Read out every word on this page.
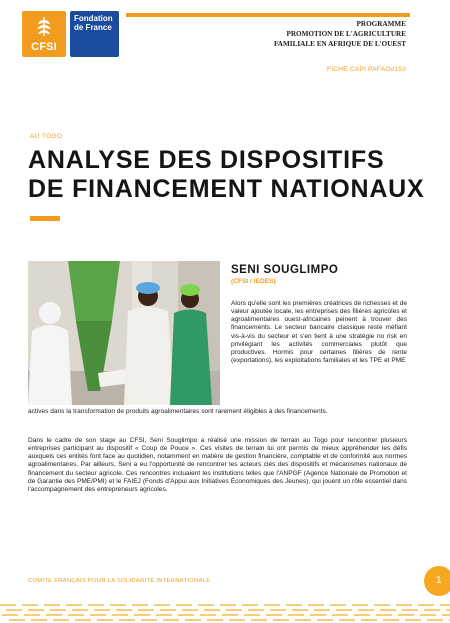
CFSI
Fondation
de France	PROGRAMME
PROMOTION DE L'AGRICULTURE
FAMILIALE EN AFRIQUE DE L'OUEST
FICHE CAPI PAFAO#153
AU TOGO
ANALYSE DES DISPOSITIFS DE FINANCEMENT NATIONAUX
SENI SOUGLIMPO
(CFSI / IEDES)

Alors qu'elle sont les premières créatrices de richesses et de valeur ajoutée locale, les entreprises des filières agricoles et agroalimentaires ouest-africaines peinent à trouver des financements. Le secteur bancaire classique reste méfiant vis-à-vis du secteur et s'en tient à une stratégie no risk en privilégiant les activités commerciales plutôt que productives. Hormis pour certaines filières de rente (exportations), les exploitations familiales et les TPE et PME

actives dans la transformation de produits agroalimentaires sont rarement éligibles à des financements.

Dans le cadre de son stage au CFSI, Seni Souglimpo a réalisé une mission de terrain au Togo pour rencontrer plusieurs entreprises participant au dispositif « Coup de Pouce ». Ces visites de terrain lui ont permis de mieux appréhender les défis auxquels ces entités font face au quotidien, notamment en matière de gestion financière, comptable et de conformité aux normes agroalimentaires. Par ailleurs, Seni a eu l'opportunité de rencontrer les acteurs clés des dispositifs et mécanismes nationaux de financement du secteur agricole. Ces rencontres incluaient les institutions telles que l'ANPGF (Agence Nationale de Promotion et de Garantie des PME/PMI) et le FAIEJ (Fonds d'Appui aux Initiatives Économiques des Jeunes), qui jouent un rôle essentiel dans l'accompagnement des entrepreneurs agricoles.

COMITÉ FRANÇAIS POUR LA SOLIDARITÉ INTERNATIONALE	1
